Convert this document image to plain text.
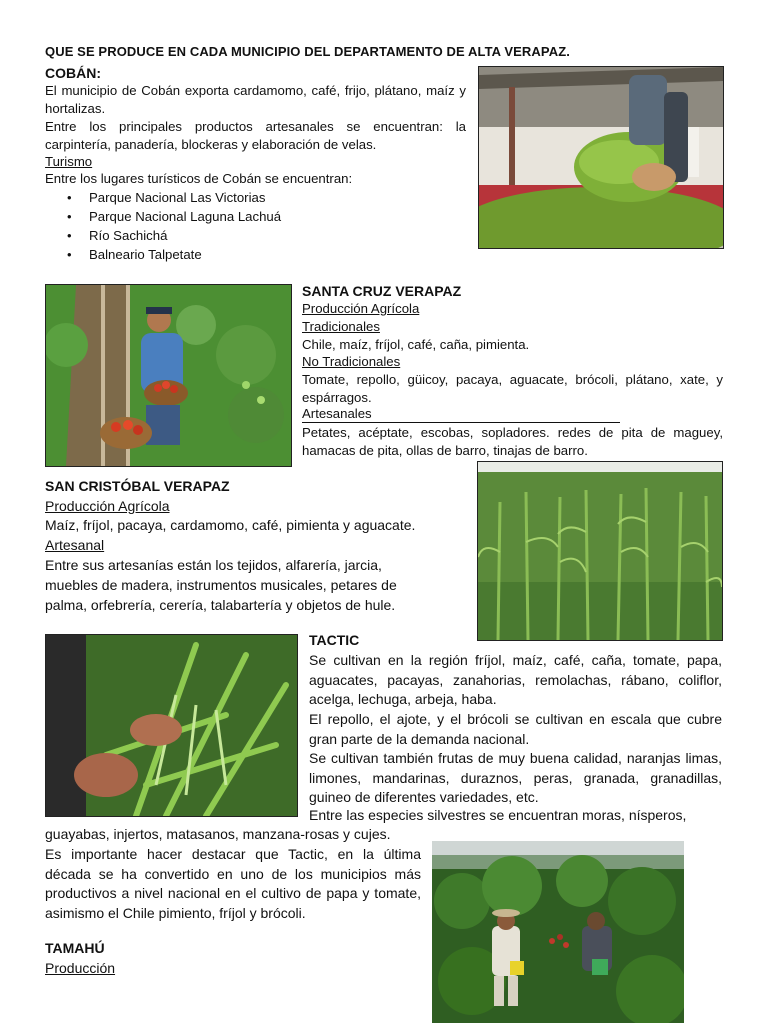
QUE SE PRODUCE EN CADA MUNICIPIO DEL DEPARTAMENTO DE ALTA VERAPAZ.
COBÁN:
El municipio de Cobán exporta cardamomo, café, frijo, plátano, maíz y hortalizas.
Entre los principales productos artesanales se encuentran: la carpintería, panadería, blockeras y elaboración de velas.
Turismo
Entre los lugares turísticos de Cobán se encuentran:
• Parque Nacional Las Victorias
• Parque Nacional Laguna Lachuá
• Río Sachichá
• Balneario Talpetate
SANTA CRUZ VERAPAZ
Producción Agrícola
Tradicionales
Chile, maíz, fríjol, café, caña, pimienta.
No Tradicionales
Tomate, repollo, güicoy, pacaya, aguacate, brócoli, plátano, xate, y espárragos.
Artesanales
Petates, acéptate, escobas, sopladores. redes de pita de maguey, hamacas de pita, ollas de barro, tinajas de barro.
SAN CRISTÓBAL VERAPAZ
Producción Agrícola
Maíz, fríjol, pacaya, cardamomo, café, pimienta y aguacate.
Artesanal
Entre sus artesanías están los tejidos, alfarería, jarcia, muebles de madera, instrumentos musicales, petares de palma, orfebrería, cerería, talabartería y objetos de hule.
TACTIC
Se cultivan en la región fríjol, maíz, café, caña, tomate, papa, aguacates, pacayas, zanahorias, remolachas, rábano, coliflor, acelga, lechuga, arbeja, haba.
El repollo, el ajote, y el brócoli se cultivan en escala que cubre gran parte de la demanda nacional.
Se cultivan también frutas de muy buena calidad, naranjas limas, limones, mandarinas, duraznos, peras, granada, granadillas, guineo de diferentes variedades, etc.
Entre las especies silvestres se encuentran moras, nísperos,
guayabas, injertos, matasanos, manzana-rosas y cujes.
Es importante hacer destacar que Tactic, en la última década se ha convertido en uno de los municipios más productivos a nivel nacional en el cultivo de papa y tomate, asimismo el Chile pimiento, fríjol y brócoli.
TAMAHÚ
Producción
